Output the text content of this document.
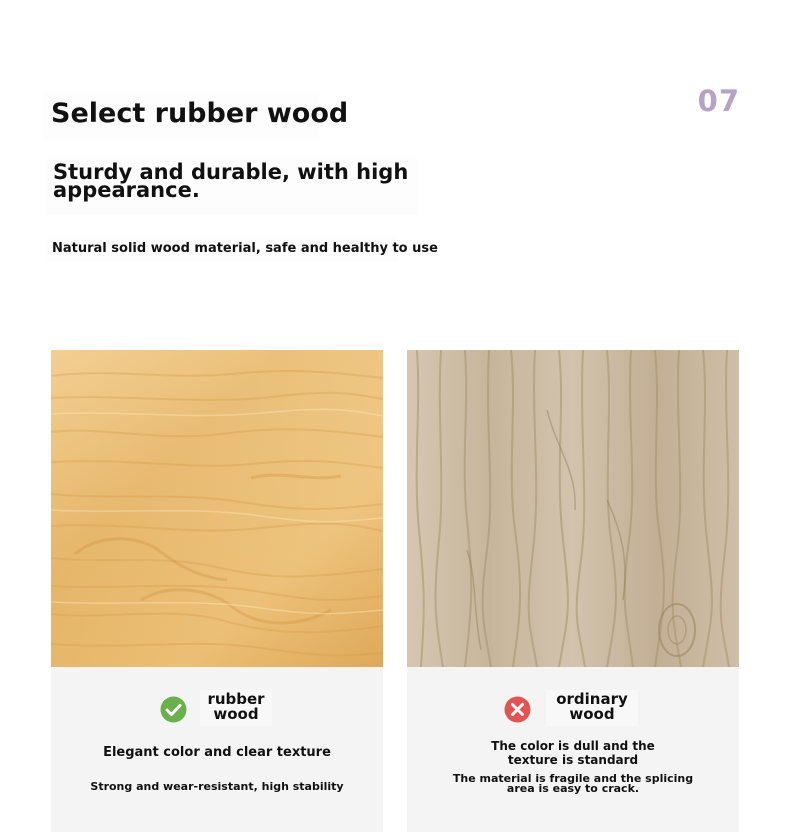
07
Select rubber wood

Sturdy and durable, with high appearance.

Natural solid wood material, safe and healthy to use

rubber wood

Elegant color and clear texture

Strong and wear-resistant, high stability

ordinary wood

The color is dull and the texture is standard

The material is fragile and the splicing area is easy to crack.
